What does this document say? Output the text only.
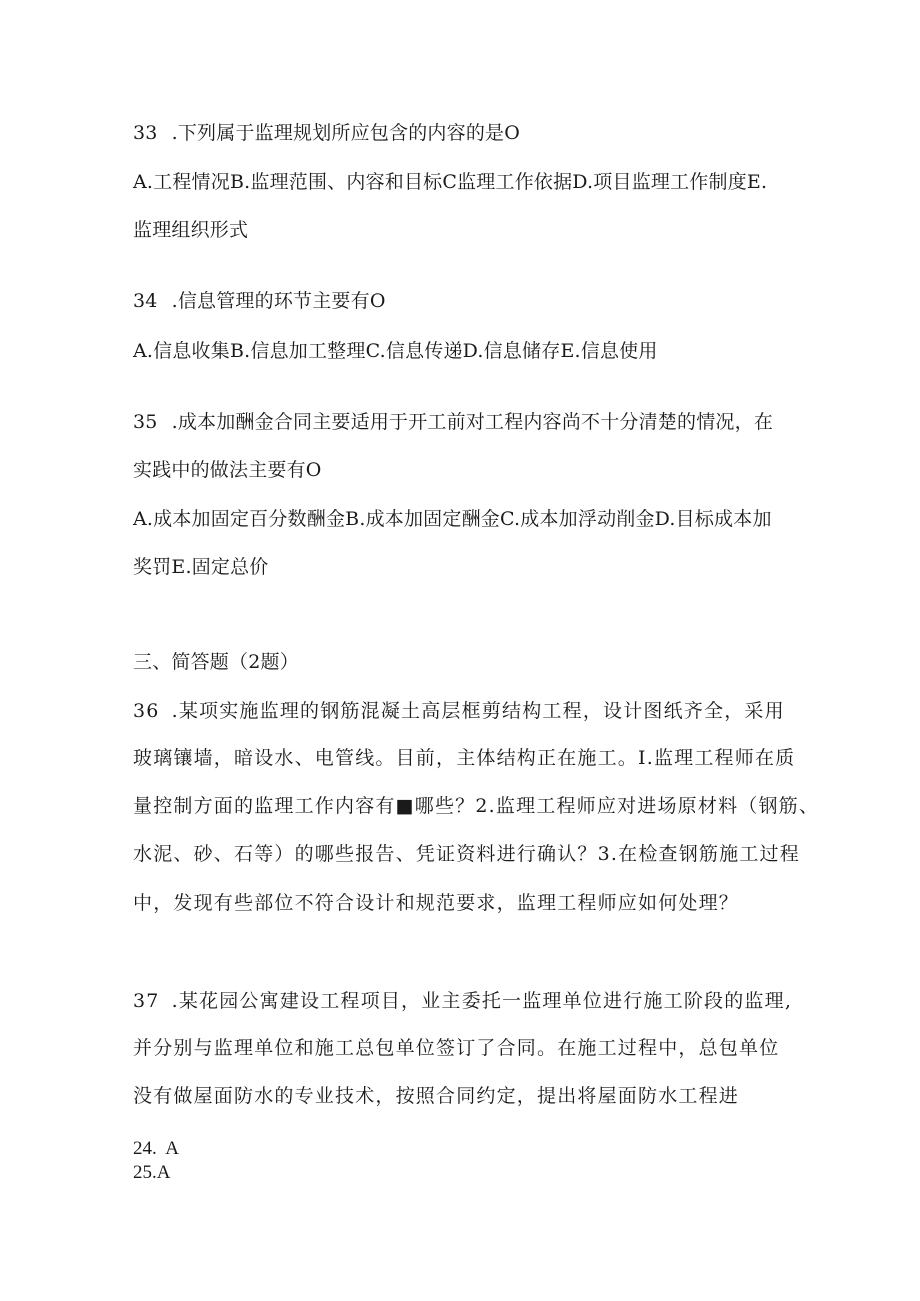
33 .下列属于监理规划所应包含的内容的是O
A.工程情况B.监理范围、内容和目标C监理工作依据D.项目监理工作制度E.
监理组织形式
34 .信息管理的环节主要有O
A.信息收集B.信息加工整理C.信息传递D.信息储存E.信息使用
35 .成本加酬金合同主要适用于开工前对工程内容尚不十分清楚的情况，在
实践中的做法主要有O
A.成本加固定百分数酬金B.成本加固定酬金C.成本加浮动削金D.目标成本加
奖罚E.固定总价
三、简答题（2题）
36 .某项实施监理的钢筋混凝土高层框剪结构工程，设计图纸齐全，采用
玻璃镶墙，暗设水、电管线。目前，主体结构正在施工。I.监理工程师在质
量控制方面的监理工作内容有■哪些？2.监理工程师应对进场原材料（钢筋、
水泥、砂、石等）的哪些报告、凭证资料进行确认？3.在检查钢筋施工过程
中，发现有些部位不符合设计和规范要求，监理工程师应如何处理？
37 .某花园公寓建设工程项目，业主委托一监理单位进行施工阶段的监理,
并分别与监理单位和施工总包单位签订了合同。在施工过程中，总包单位
没有做屋面防水的专业技术，按照合同约定，提出将屋面防水工程进
24.  A
25.A
